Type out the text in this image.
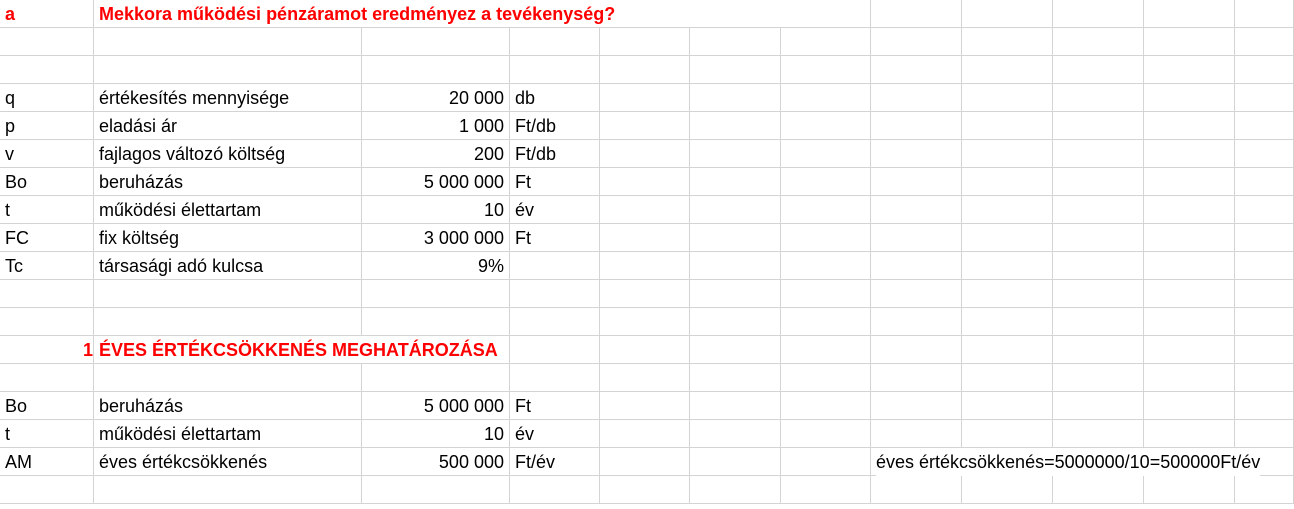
a	Mekkora működési pénzáramot eredményez a tevékenység?
q	értékesítés mennyisége	20 000 db
p	eladási ár	1 000 Ft/db
v	fajlagos változó költség	200 Ft/db
Bo	beruházás	5 000 000 Ft
t	működési élettartam	10 év
FC	fix költség	3 000 000 Ft
Tc	társasági adó kulcsa	9%
1 ÉVES ÉRTÉKCSÖKKENÉS MEGHATÁROZÁSA
Bo	beruházás	5 000 000 Ft
t	működési élettartam	10 év
AM	éves értékcsökkenés	500 000 Ft/év	éves értékcsökkenés=5000000/10=500000Ft/év
